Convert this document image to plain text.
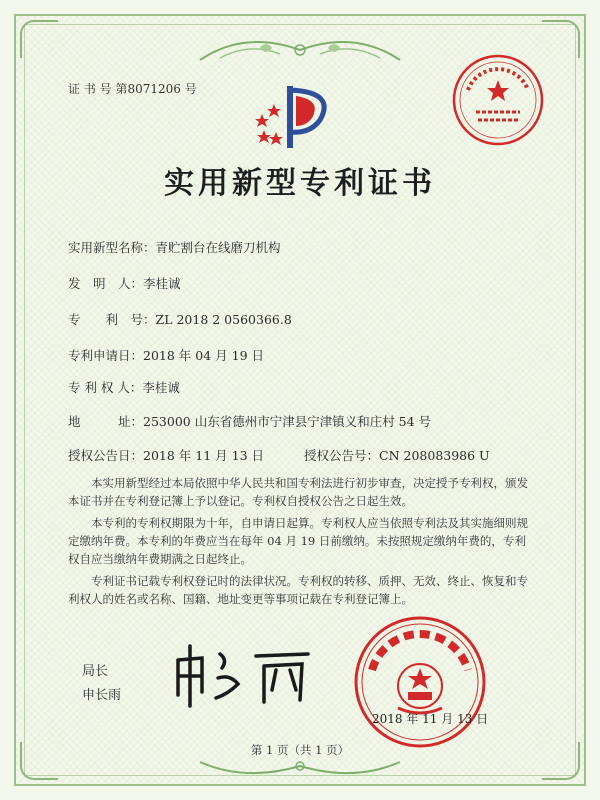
证 书 号 第8071206 号
实用新型专利证书
实用新型名称：青贮割台在线磨刀机构
发　明　人：李桂诚
专　　利　号：ZL 2018 2 0560366.8
专利申请日：2018 年 04 月 19 日
专 利 权 人：李桂诚
地　　　址：253000 山东省德州市宁津县宁津镇义和庄村 54 号
授权公告日：2018 年 11 月 13 日	授权公告号：CN 208083986 U

本实用新型经过本局依照中华人民共和国专利法进行初步审查，决定授予专利权，颁发本证书并在专利登记簿上予以登记。专利权自授权公告之日起生效。

本专利的专利权期限为十年，自申请日起算。专利权人应当依照专利法及其实施细则规定缴纳年费。本专利的年费应当在每年 04 月 19 日前缴纳。未按照规定缴纳年费的，专利权自应当缴纳年费期满之日起终止。

专利证书记载专利权登记时的法律状况。专利权的转移、质押、无效、终止、恢复和专利权人的姓名或名称、国籍、地址变更等事项记载在专利登记簿上。

局长
申长雨
2018 年 11 月 13 日
第 1 页（共 1 页）
